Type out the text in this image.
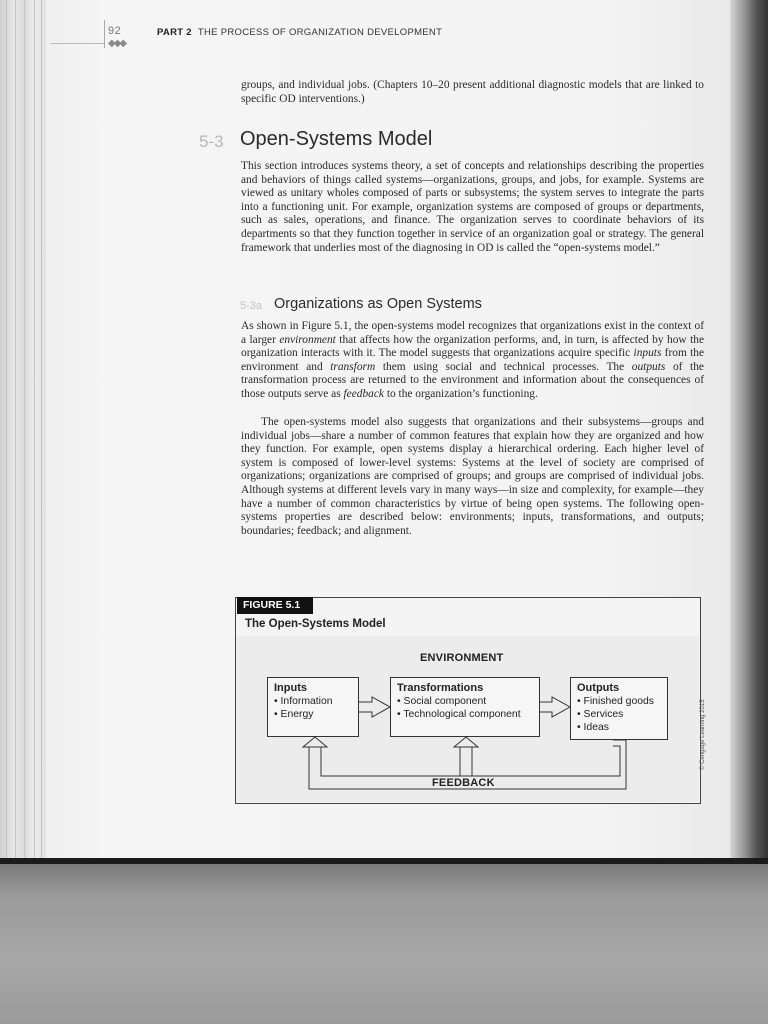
92
◆◆◆
PART 2 THE PROCESS OF ORGANIZATION DEVELOPMENT
groups, and individual jobs. (Chapters 10–20 present additional diagnostic models that are linked to specific OD interventions.)
5-3 Open-Systems Model
This section introduces systems theory, a set of concepts and relationships describing the properties and behaviors of things called systems—organizations, groups, and jobs, for example. Systems are viewed as unitary wholes composed of parts or subsystems; the system serves to integrate the parts into a functioning unit. For example, organization systems are composed of groups or departments, such as sales, operations, and finance. The organization serves to coordinate behaviors of its departments so that they function together in service of an organization goal or strategy. The general framework that underlies most of the diagnosing in OD is called the “open-systems model.”
5-3a Organizations as Open Systems
As shown in Figure 5.1, the open-systems model recognizes that organizations exist in the context of a larger environment that affects how the organization performs, and, in turn, is affected by how the organization interacts with it. The model suggests that organizations acquire specific inputs from the environment and transform them using social and technical processes. The outputs of the transformation process are returned to the environment and information about the consequences of those outputs serve as feedback to the organization’s functioning.
The open-systems model also suggests that organizations and their subsystems—groups and individual jobs—share a number of common features that explain how they are organized and how they function. For example, open systems display a hierarchical ordering. Each higher level of system is composed of lower-level systems: Systems at the level of society are comprised of organizations; organizations are comprised of groups; and groups are comprised of individual jobs. Although systems at different levels vary in many ways—in size and complexity, for example—they have a number of common characteristics by virtue of being open systems. The following open-systems properties are described below: environments; inputs, transformations, and outputs; boundaries; feedback; and alignment.
FIGURE 5.1
The Open-Systems Model
ENVIRONMENT
Inputs
• Information
• Energy
Transformations
• Social component
• Technological component
Outputs
• Finished goods
• Services
• Ideas
FEEDBACK
© Cengage Learning 2015
